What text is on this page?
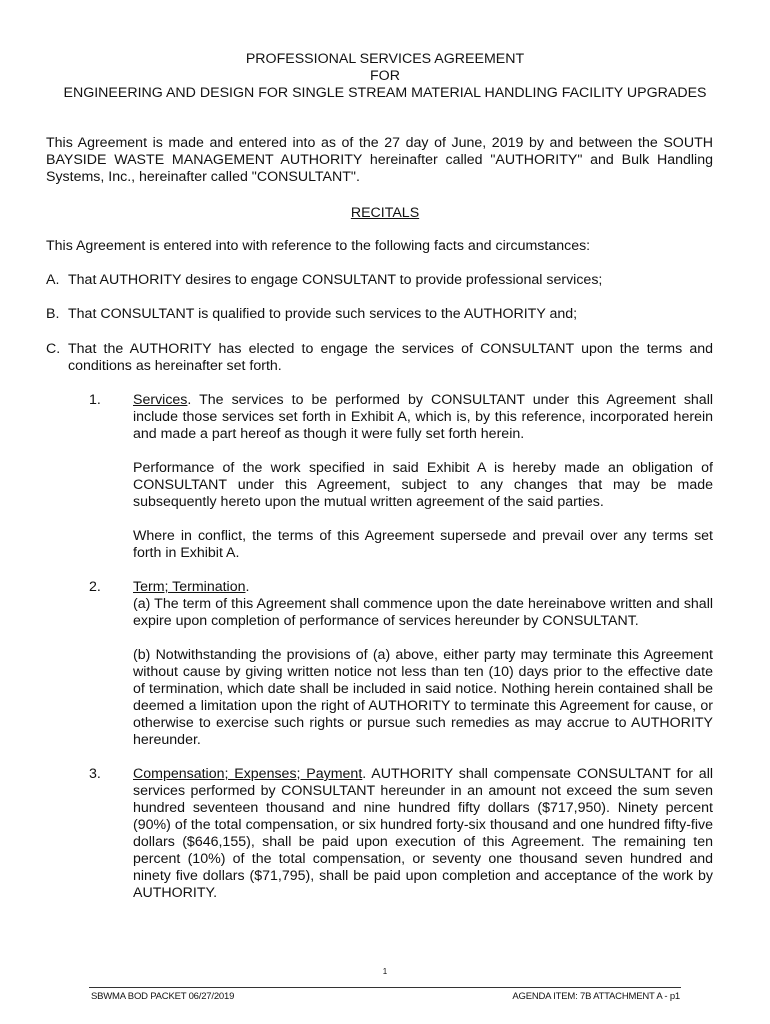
PROFESSIONAL SERVICES AGREEMENT
FOR
ENGINEERING AND DESIGN FOR SINGLE STREAM MATERIAL HANDLING FACILITY UPGRADES

This Agreement is made and entered into as of the 27 day of June, 2019 by and between the SOUTH BAYSIDE WASTE MANAGEMENT AUTHORITY hereinafter called "AUTHORITY" and Bulk Handling Systems, Inc., hereinafter called "CONSULTANT".

RECITALS

This Agreement is entered into with reference to the following facts and circumstances:

A. That AUTHORITY desires to engage CONSULTANT to provide professional services;
B. That CONSULTANT is qualified to provide such services to the AUTHORITY and;
C. That the AUTHORITY has elected to engage the services of CONSULTANT upon the terms and conditions as hereinafter set forth.
1. Services. The services to be performed by CONSULTANT under this Agreement shall include those services set forth in Exhibit A, which is, by this reference, incorporated herein and made a part hereof as though it were fully set forth herein.

Performance of the work specified in said Exhibit A is hereby made an obligation of CONSULTANT under this Agreement, subject to any changes that may be made subsequently hereto upon the mutual written agreement of the said parties.

Where in conflict, the terms of this Agreement supersede and prevail over any terms set forth in Exhibit A.

2. Term; Termination.
(a) The term of this Agreement shall commence upon the date hereinabove written and shall expire upon completion of performance of services hereunder by CONSULTANT.

(b) Notwithstanding the provisions of (a) above, either party may terminate this Agreement without cause by giving written notice not less than ten (10) days prior to the effective date of termination, which date shall be included in said notice. Nothing herein contained shall be deemed a limitation upon the right of AUTHORITY to terminate this Agreement for cause, or otherwise to exercise such rights or pursue such remedies as may accrue to AUTHORITY hereunder.

3. Compensation; Expenses; Payment. AUTHORITY shall compensate CONSULTANT for all services performed by CONSULTANT hereunder in an amount not exceed the sum seven hundred seventeen thousand and nine hundred fifty dollars ($717,950). Ninety percent (90%) of the total compensation, or six hundred forty-six thousand and one hundred fifty-five dollars ($646,155), shall be paid upon execution of this Agreement. The remaining ten percent (10%) of the total compensation, or seventy one thousand seven hundred and ninety five dollars ($71,795), shall be paid upon completion and acceptance of the work by AUTHORITY.

1
SBWMA BOD PACKET 06/27/2019	AGENDA ITEM: 7B ATTACHMENT A - p1
